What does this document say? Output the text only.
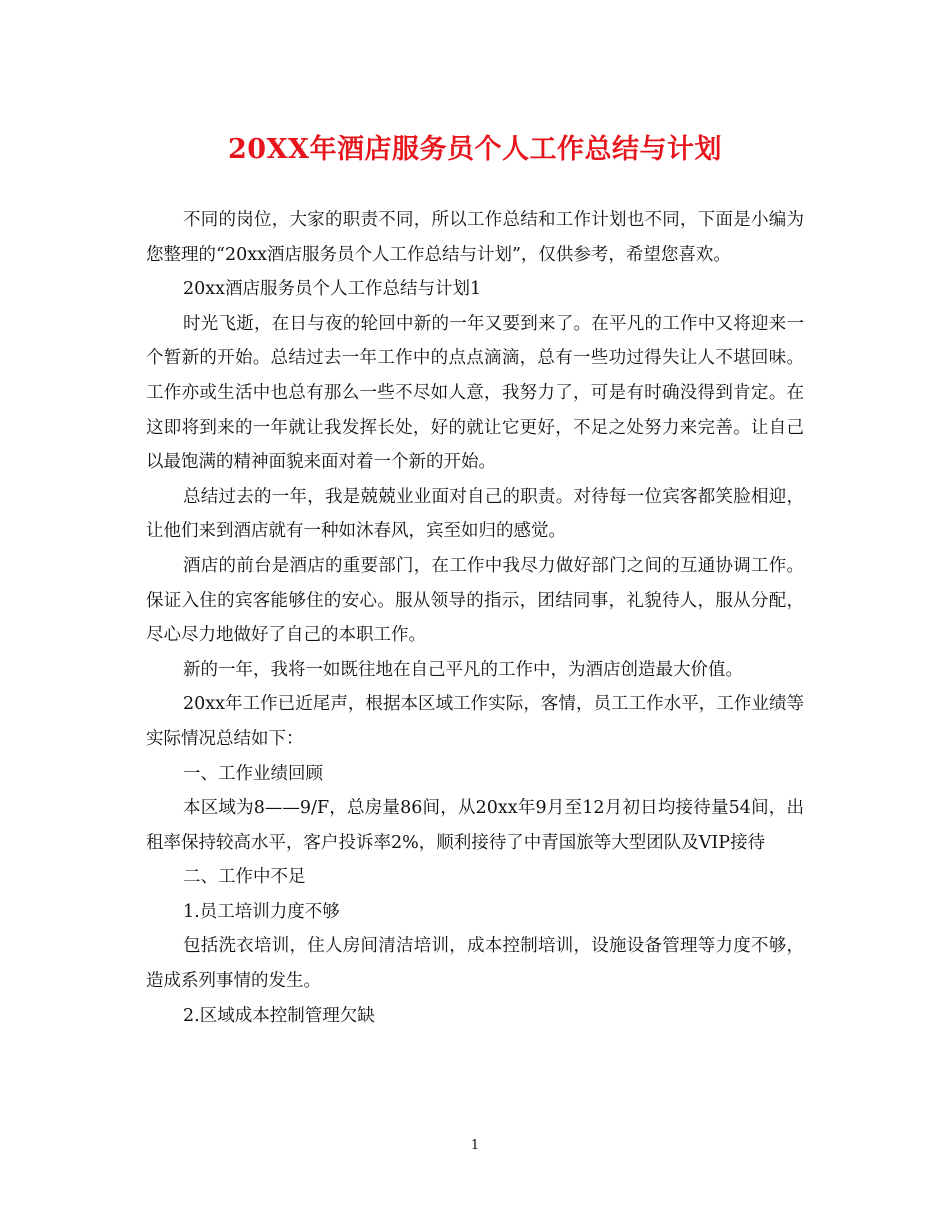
20XX年酒店服务员个人工作总结与计划

不同的岗位，大家的职责不同，所以工作总结和工作计划也不同，下面是小编为您整理的“20xx酒店服务员个人工作总结与计划”，仅供参考，希望您喜欢。

20xx酒店服务员个人工作总结与计划1

时光飞逝，在日与夜的轮回中新的一年又要到来了。在平凡的工作中又将迎来一个暂新的开始。总结过去一年工作中的点点滴滴，总有一些功过得失让人不堪回味。工作亦或生活中也总有那么一些不尽如人意，我努力了，可是有时确没得到肯定。在这即将到来的一年就让我发挥长处，好的就让它更好，不足之处努力来完善。让自己以最饱满的精神面貌来面对着一个新的开始。

总结过去的一年，我是兢兢业业面对自己的职责。对待每一位宾客都笑脸相迎，让他们来到酒店就有一种如沐春风，宾至如归的感觉。

酒店的前台是酒店的重要部门，在工作中我尽力做好部门之间的互通协调工作。保证入住的宾客能够住的安心。服从领导的指示，团结同事，礼貌待人，服从分配，尽心尽力地做好了自己的本职工作。

新的一年，我将一如既往地在自己平凡的工作中，为酒店创造最大价值。

20xx年工作已近尾声，根据本区域工作实际，客情，员工工作水平，工作业绩等实际情况总结如下：

一、工作业绩回顾

本区域为8——9/F，总房量86间，从20xx年9月至12月初日均接待量54间，出租率保持较高水平，客户投诉率2%，顺利接待了中青国旅等大型团队及VIP接待

二、工作中不足

1.员工培训力度不够

包括洗衣培训，住人房间清洁培训，成本控制培训，设施设备管理等力度不够，造成系列事情的发生。

2.区域成本控制管理欠缺

1
